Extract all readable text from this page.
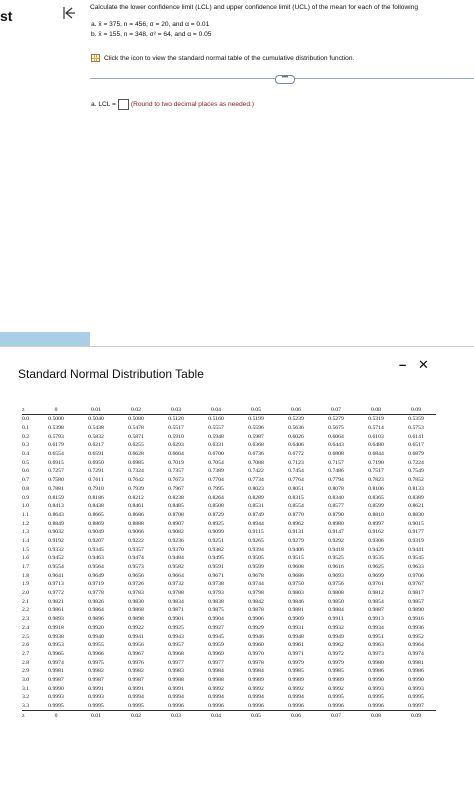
st
Calculate the lower confidence limit (LCL) and upper confidence limit (UCL) of the mean for each of the following
a. x̄ = 375, n = 456, σ = 20, and α = 0.01
b. x̄ = 155, n = 348, σ² = 64, and α = 0.05
Click the icon to view the standard normal table of the cumulative distribution function.
•••
a. LCL = (Round to two decimal places as needed.)
Standard Normal Distribution Table
– ✕
z	0	0.01	0.02	0.03	0.04	0.05	0.06	0.07	0.08	0.09
0.0	0.5000	0.5040	0.5080	0.5120	0.5160	0.5199	0.5239	0.5279	0.5319	0.5359
0.1	0.5398	0.5438	0.5478	0.5517	0.5557	0.5596	0.5636	0.5675	0.5714	0.5753
0.2	0.5793	0.5832	0.5871	0.5910	0.5948	0.5987	0.6026	0.6064	0.6103	0.6141
0.3	0.6179	0.6217	0.6255	0.6293	0.6331	0.6368	0.6406	0.6443	0.6480	0.6517
0.4	0.6554	0.6591	0.6628	0.6664	0.6700	0.6736	0.6772	0.6808	0.6844	0.6879
0.5	0.6915	0.6950	0.6985	0.7019	0.7054	0.7088	0.7123	0.7157	0.7190	0.7224
0.6	0.7257	0.7291	0.7324	0.7357	0.7389	0.7422	0.7454	0.7486	0.7517	0.7549
0.7	0.7580	0.7611	0.7642	0.7673	0.7704	0.7734	0.7764	0.7794	0.7823	0.7852
0.8	0.7881	0.7910	0.7939	0.7967	0.7995	0.8023	0.8051	0.8078	0.8106	0.8133
0.9	0.8159	0.8186	0.8212	0.8238	0.8264	0.8289	0.8315	0.8340	0.8365	0.8389
1.0	0.8413	0.8438	0.8461	0.8485	0.8508	0.8531	0.8554	0.8577	0.8599	0.8621
1.1	0.8643	0.8665	0.8686	0.8708	0.8729	0.8749	0.8770	0.8790	0.8810	0.8830
1.2	0.8849	0.8869	0.8888	0.8907	0.8925	0.8944	0.8962	0.8980	0.8997	0.9015
1.3	0.9032	0.9049	0.9066	0.9082	0.9099	0.9115	0.9131	0.9147	0.9162	0.9177
1.4	0.9192	0.9207	0.9222	0.9236	0.9251	0.9265	0.9279	0.9292	0.9306	0.9319
1.5	0.9332	0.9345	0.9357	0.9370	0.9382	0.9394	0.9406	0.9418	0.9429	0.9441
1.6	0.9452	0.9463	0.9474	0.9484	0.9495	0.9505	0.9515	0.9525	0.9535	0.9545
1.7	0.9554	0.9564	0.9573	0.9582	0.9591	0.9599	0.9608	0.9616	0.9625	0.9633
1.8	0.9641	0.9649	0.9656	0.9664	0.9671	0.9678	0.9686	0.9693	0.9699	0.9706
1.9	0.9713	0.9719	0.9726	0.9732	0.9738	0.9744	0.9750	0.9756	0.9761	0.9767
2.0	0.9772	0.9778	0.9783	0.9788	0.9793	0.9798	0.9803	0.9808	0.9812	0.9817
2.1	0.9821	0.9826	0.9830	0.9834	0.9838	0.9842	0.9846	0.9850	0.9854	0.9857
2.2	0.9861	0.9864	0.9868	0.9871	0.9875	0.9878	0.9881	0.9884	0.9887	0.9890
2.3	0.9893	0.9896	0.9898	0.9901	0.9904	0.9906	0.9909	0.9911	0.9913	0.9916
2.4	0.9918	0.9920	0.9922	0.9925	0.9927	0.9929	0.9931	0.9932	0.9934	0.9936
2.5	0.9938	0.9940	0.9941	0.9943	0.9945	0.9946	0.9948	0.9949	0.9951	0.9952
2.6	0.9953	0.9955	0.9956	0.9957	0.9959	0.9960	0.9961	0.9962	0.9963	0.9964
2.7	0.9965	0.9966	0.9967	0.9968	0.9969	0.9970	0.9971	0.9972	0.9973	0.9974
2.8	0.9974	0.9975	0.9976	0.9977	0.9977	0.9978	0.9979	0.9979	0.9980	0.9981
2.9	0.9981	0.9982	0.9982	0.9983	0.9984	0.9984	0.9985	0.9985	0.9986	0.9986
3.0	0.9987	0.9987	0.9987	0.9988	0.9988	0.9989	0.9989	0.9989	0.9990	0.9990
3.1	0.9990	0.9991	0.9991	0.9991	0.9992	0.9992	0.9992	0.9992	0.9993	0.9993
3.2	0.9993	0.9993	0.9994	0.9994	0.9994	0.9994	0.9994	0.9995	0.9995	0.9995
3.3	0.9995	0.9995	0.9995	0.9996	0.9996	0.9996	0.9996	0.9996	0.9996	0.9997
z	0	0.01	0.02	0.03	0.04	0.05	0.06	0.07	0.08	0.09
